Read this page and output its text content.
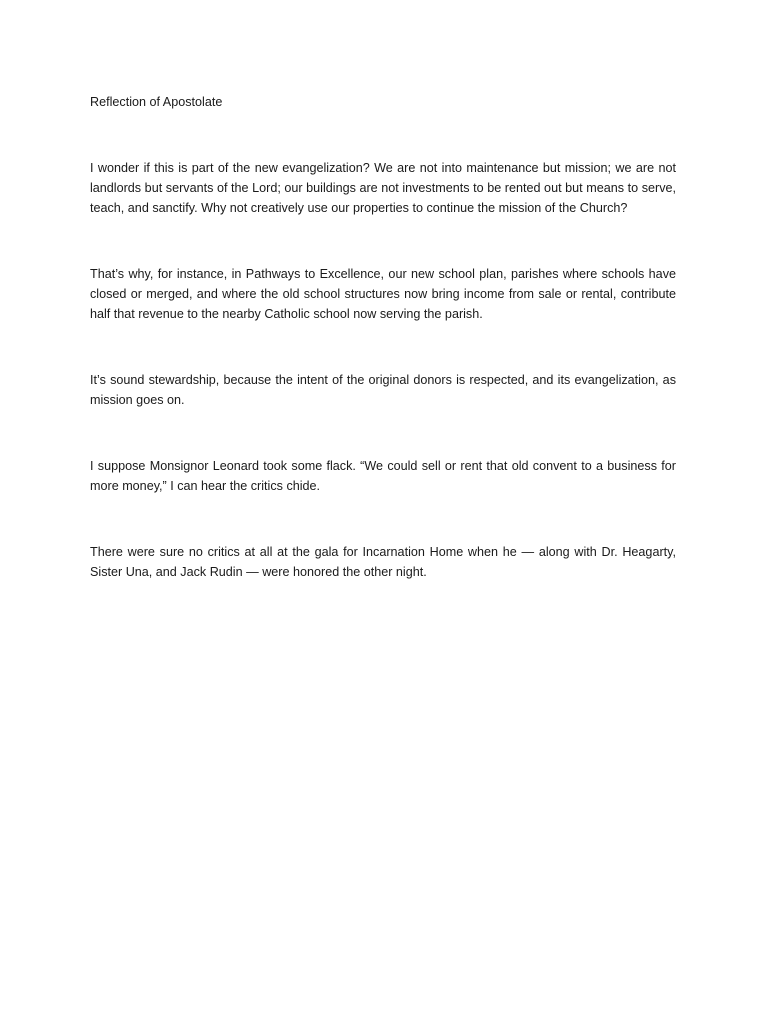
Reflection of Apostolate

I wonder if this is part of the new evangelization? We are not into maintenance but mission; we are not landlords but servants of the Lord; our buildings are not investments to be rented out but means to serve, teach, and sanctify. Why not creatively use our properties to continue the mission of the Church?

That’s why, for instance, in Pathways to Excellence, our new school plan, parishes where schools have closed or merged, and where the old school structures now bring income from sale or rental, contribute half that revenue to the nearby Catholic school now serving the parish.

It’s sound stewardship, because the intent of the original donors is respected, and its evangelization, as mission goes on.

I suppose Monsignor Leonard took some flack. “We could sell or rent that old convent to a business for more money,” I can hear the critics chide.

There were sure no critics at all at the gala for Incarnation Home when he — along with Dr. Heagarty, Sister Una, and Jack Rudin — were honored the other night.
